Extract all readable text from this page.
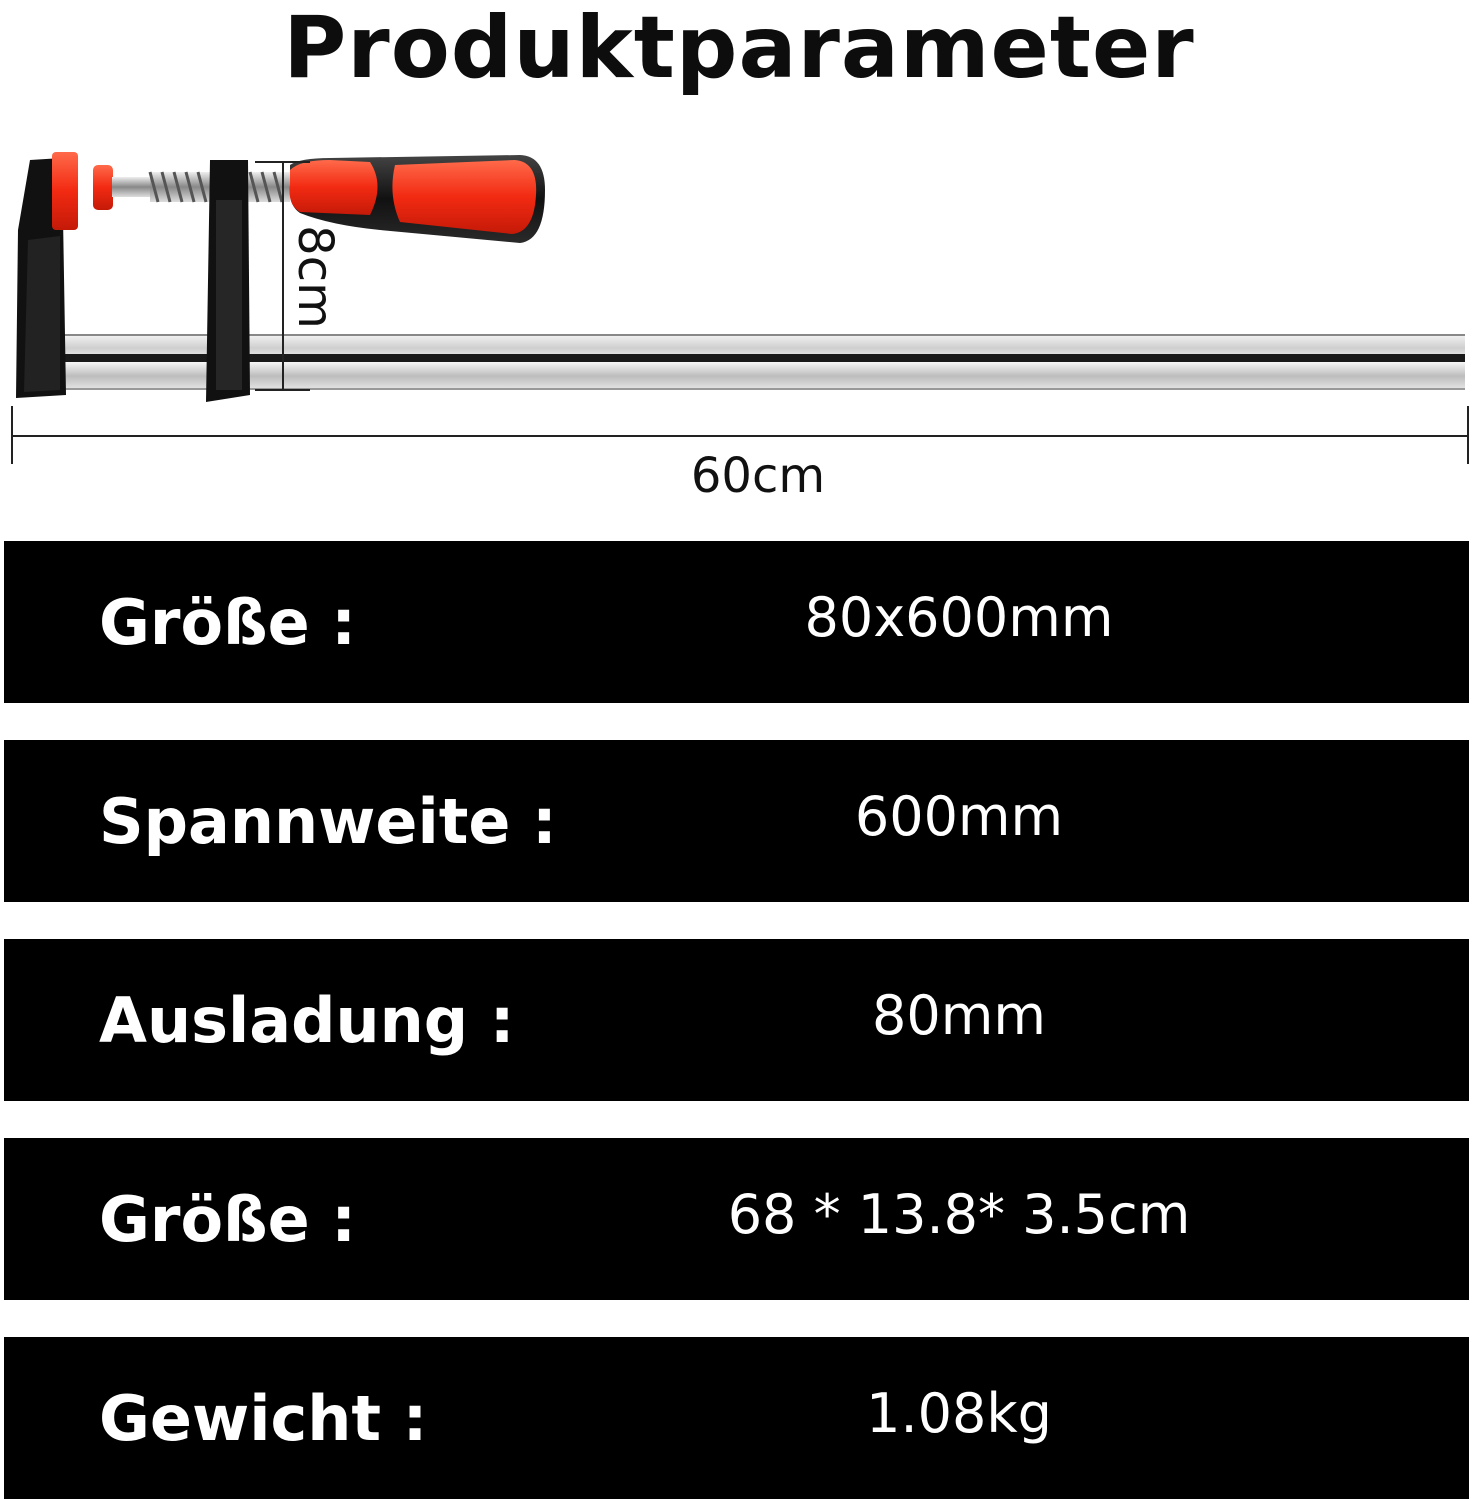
Produktparameter
8cm
60cm
Größe :	80x600mm
Spannweite :	600mm
Ausladung :	80mm
Größe :	68 * 13.8* 3.5cm
Gewicht :	1.08kg
